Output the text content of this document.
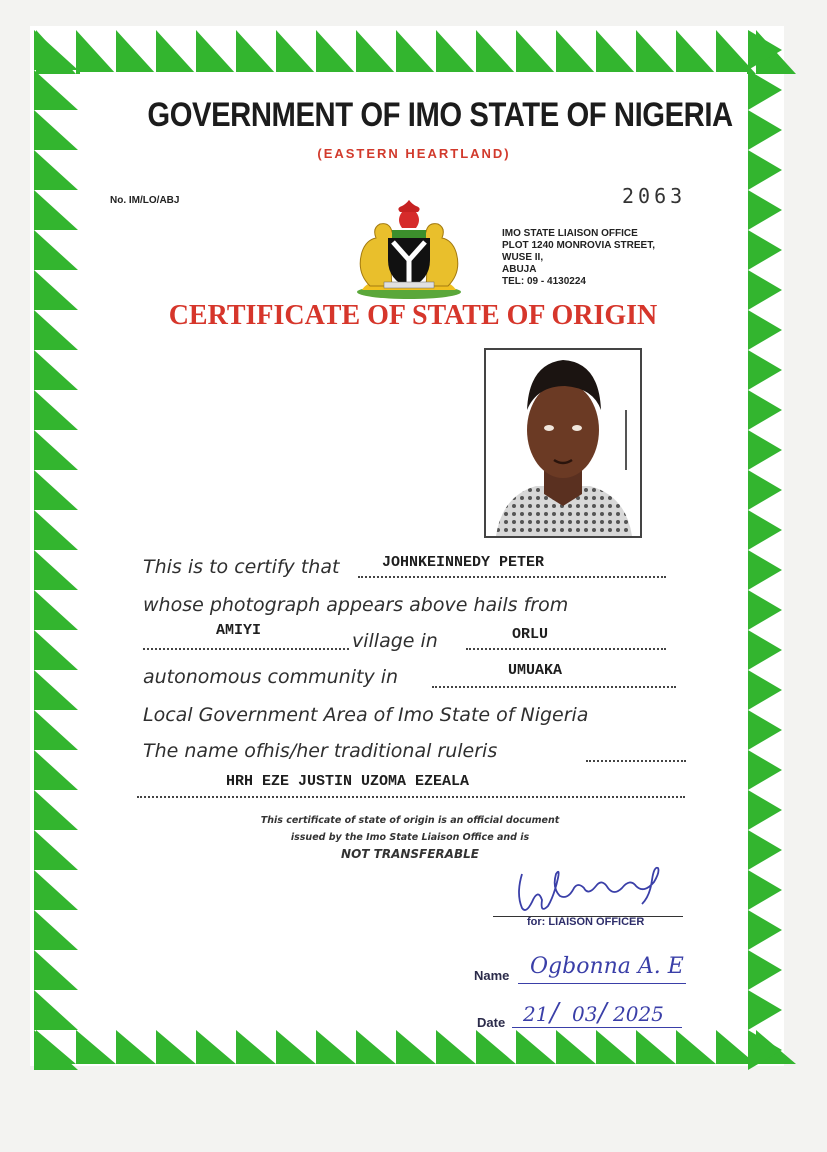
GOVERNMENT OF IMO STATE OF NIGERIA
(EASTERN HEARTLAND)
No. IM/LO/ABJ	2063
IMO STATE LIAISON OFFICE
PLOT 1240 MONROVIA STREET,
WUSE II,
ABUJA
TEL: 09 - 4130224
CERTIFICATE OF STATE OF ORIGIN
This is to certify that	JOHNKEINNEDY PETER
whose photograph appears above hails from
AMIYI	village in	ORLU
autonomous community in	UMUAKA
Local Government Area of Imo State of Nigeria
The name ofhis/her traditional ruleris
HRH EZE JUSTIN UZOMA EZEALA
This certificate of state of origin is an official document
issued by the Imo State Liaison Office and is
NOT TRANSFERABLE
for: LIAISON OFFICER
Name Ogbonna A. E
Date 21 / 03 / 2025
